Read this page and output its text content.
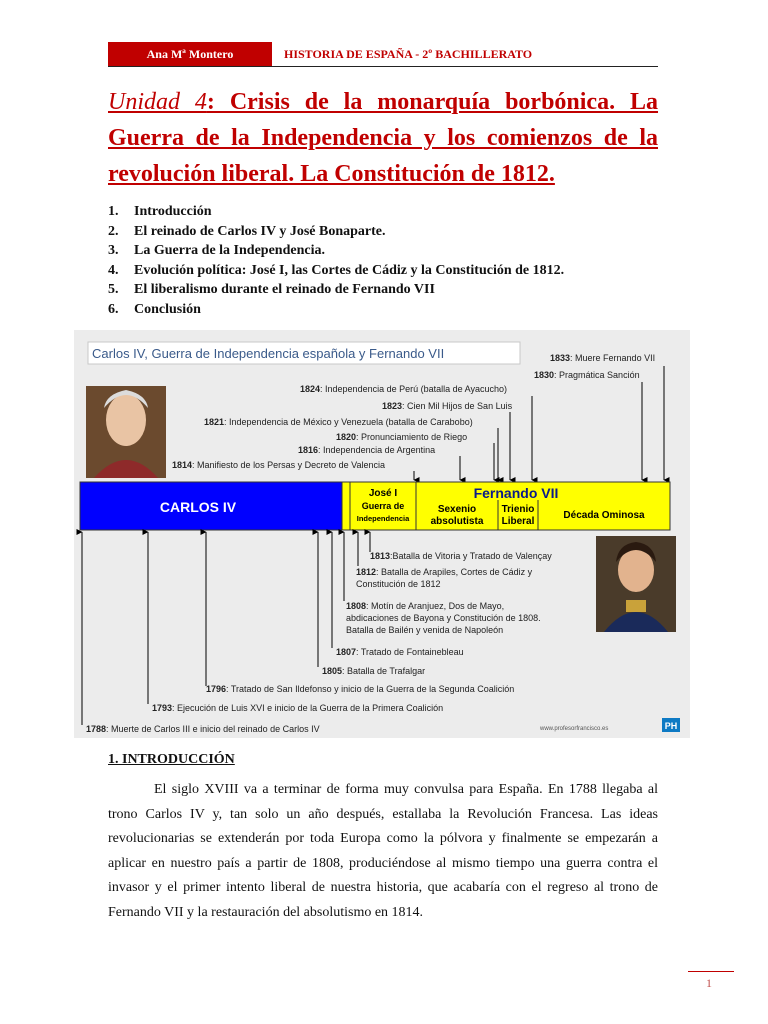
Ana Mª Montero	HISTORIA DE ESPAÑA - 2º BACHILLERATO
Unidad 4: Crisis de la monarquía borbónica. La Guerra de la Independencia y los comienzos de la revolución liberal. La Constitución de 1812.
1.	Introducción
2.	El reinado de Carlos IV y José Bonaparte.
3.	La Guerra de la Independencia.
4.	Evolución política: José I, las Cortes de Cádiz y la Constitución de 1812.
5.	El liberalismo durante el reinado de Fernando VII
6.	Conclusión
Carlos IV, Guerra de Independencia española y Fernando VII	1833: Muere Fernando VII
1830: Pragmática Sanción
1824: Independencia de Perú (batalla de Ayacucho)
1823: Cien Mil Hijos de San Luis
1821: Independencia de México y Venezuela (batalla de Carabobo)
1820: Pronunciamiento de Riego
1816: Independencia de Argentina
1814: Manifiesto de los Persas y Decreto de Valencia
CARLOS IV
José I
Guerra de
Independencia
Fernando VII
Sexenio
absolutista
Trienio
Liberal
Década Ominosa
1813:Batalla de Vitoria y Tratado de Valençay
1812: Batalla de Arapiles, Cortes de Cádiz y
Constitución de 1812
1808: Motín de Aranjuez, Dos de Mayo,
abdicaciones de Bayona y Constitución de 1808.
Batalla de Bailén y venida de Napoleón
1807: Tratado de Fontainebleau
1805: Batalla de Trafalgar
1796: Tratado de San Ildefonso y inicio de la Guerra de la Segunda Coalición
1793: Ejecución de Luis XVI e inicio de la Guerra de la Primera Coalición
1788: Muerte de Carlos III e inicio del reinado de Carlos IV	www.profesorfrancisco.es	PH
1. INTRODUCCIÓN

El siglo XVIII va a terminar de forma muy convulsa para España. En 1788 llegaba al trono Carlos IV y, tan solo un año después, estallaba la Revolución Francesa. Las ideas revolucionarias se extenderán por toda Europa como la pólvora y finalmente se empezarán a aplicar en nuestro país a partir de 1808, produciéndose al mismo tiempo una guerra contra el invasor y el primer intento liberal de nuestra historia, que acabaría con el regreso al trono de Fernando VII y la restauración del absolutismo en 1814.

1
